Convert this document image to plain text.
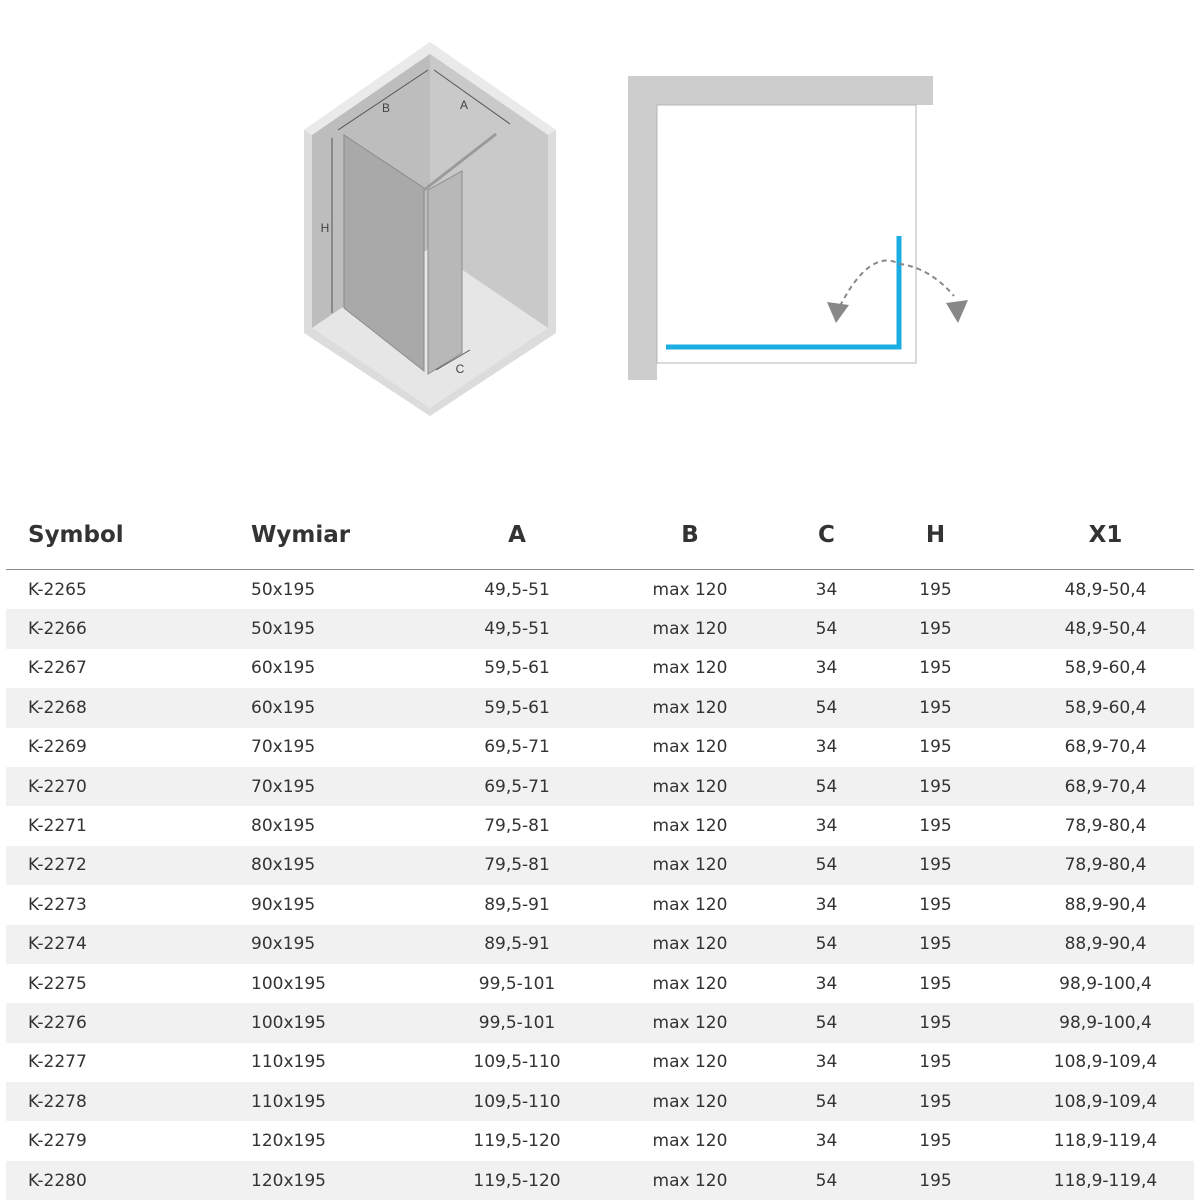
B	A
H
C
Symbol	Wymiar	A	B	C	H	X1
K-2265	50x195	49,5-51	max 120	34	195	48,9-50,4
K-2266	50x195	49,5-51	max 120	54	195	48,9-50,4
K-2267	60x195	59,5-61	max 120	34	195	58,9-60,4
K-2268	60x195	59,5-61	max 120	54	195	58,9-60,4
K-2269	70x195	69,5-71	max 120	34	195	68,9-70,4
K-2270	70x195	69,5-71	max 120	54	195	68,9-70,4
K-2271	80x195	79,5-81	max 120	34	195	78,9-80,4
K-2272	80x195	79,5-81	max 120	54	195	78,9-80,4
K-2273	90x195	89,5-91	max 120	34	195	88,9-90,4
K-2274	90x195	89,5-91	max 120	54	195	88,9-90,4
K-2275	100x195	99,5-101	max 120	34	195	98,9-100,4
K-2276	100x195	99,5-101	max 120	54	195	98,9-100,4
K-2277	110x195	109,5-110	max 120	34	195	108,9-109,4
K-2278	110x195	109,5-110	max 120	54	195	108,9-109,4
K-2279	120x195	119,5-120	max 120	34	195	118,9-119,4
K-2280	120x195	119,5-120	max 120	54	195	118,9-119,4
